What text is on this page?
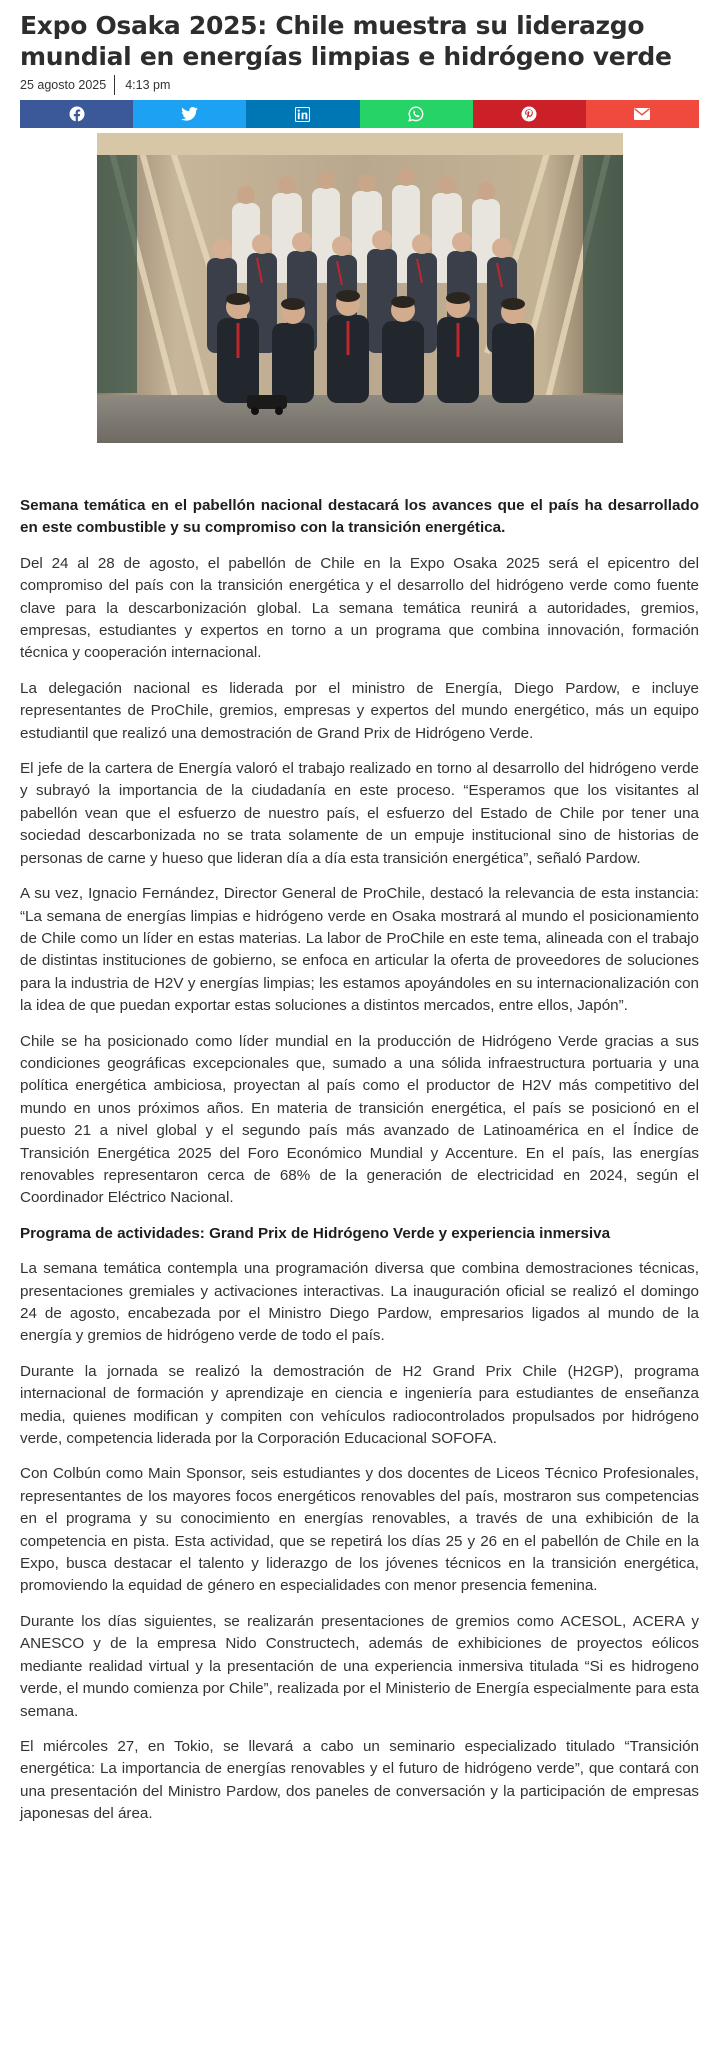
Expo Osaka 2025: Chile muestra su liderazgo mundial en energías limpias e hidrógeno verde
25 agosto 2025 4:13 pm

Semana temática en el pabellón nacional destacará los avances que el país ha desarrollado en este combustible y su compromiso con la transición energética.

Del 24 al 28 de agosto, el pabellón de Chile en la Expo Osaka 2025 será el epicentro del compromiso del país con la transición energética y el desarrollo del hidrógeno verde como fuente clave para la descarbonización global. La semana temática reunirá a autoridades, gremios, empresas, estudiantes y expertos en torno a un programa que combina innovación, formación técnica y cooperación internacional.

La delegación nacional es liderada por el ministro de Energía, Diego Pardow, e incluye representantes de ProChile, gremios, empresas y expertos del mundo energético, más un equipo estudiantil que realizó una demostración de Grand Prix de Hidrógeno Verde.

El jefe de la cartera de Energía valoró el trabajo realizado en torno al desarrollo del hidrógeno verde y subrayó la importancia de la ciudadanía en este proceso. “Esperamos que los visitantes al pabellón vean que el esfuerzo de nuestro país, el esfuerzo del Estado de Chile por tener una sociedad descarbonizada no se trata solamente de un empuje institucional sino de historias de personas de carne y hueso que lideran día a día esta transición energética”, señaló Pardow.

A su vez, Ignacio Fernández, Director General de ProChile, destacó la relevancia de esta instancia: “La semana de energías limpias e hidrógeno verde en Osaka mostrará al mundo el posicionamiento de Chile como un líder en estas materias. La labor de ProChile en este tema, alineada con el trabajo de distintas instituciones de gobierno, se enfoca en articular la oferta de proveedores de soluciones para la industria de H2V y energías limpias; les estamos apoyándoles en su internacionalización con la idea de que puedan exportar estas soluciones a distintos mercados, entre ellos, Japón”.

Chile se ha posicionado como líder mundial en la producción de Hidrógeno Verde gracias a sus condiciones geográficas excepcionales que, sumado a una sólida infraestructura portuaria y una política energética ambiciosa, proyectan al país como el productor de H2V más competitivo del mundo en unos próximos años. En materia de transición energética, el país se posicionó en el puesto 21 a nivel global y el segundo país más avanzado de Latinoamérica en el Índice de Transición Energética 2025 del Foro Económico Mundial y Accenture. En el país, las energías renovables representaron cerca de 68% de la generación de electricidad en 2024, según el Coordinador Eléctrico Nacional.

Programa de actividades: Grand Prix de Hidrógeno Verde y experiencia inmersiva

La semana temática contempla una programación diversa que combina demostraciones técnicas, presentaciones gremiales y activaciones interactivas. La inauguración oficial se realizó el domingo 24 de agosto, encabezada por el Ministro Diego Pardow, empresarios ligados al mundo de la energía y gremios de hidrógeno verde de todo el país.

Durante la jornada se realizó la demostración de H2 Grand Prix Chile (H2GP), programa internacional de formación y aprendizaje en ciencia e ingeniería para estudiantes de enseñanza media, quienes modifican y compiten con vehículos radiocontrolados propulsados por hidrógeno verde, competencia liderada por la Corporación Educacional SOFOFA.

Con Colbún como Main Sponsor, seis estudiantes y dos docentes de Liceos Técnico Profesionales, representantes de los mayores focos energéticos renovables del país, mostraron sus competencias en el programa y su conocimiento en energías renovables, a través de una exhibición de la competencia en pista. Esta actividad, que se repetirá los días 25 y 26 en el pabellón de Chile en la Expo, busca destacar el talento y liderazgo de los jóvenes técnicos en la transición energética, promoviendo la equidad de género en especialidades con menor presencia femenina.

Durante los días siguientes, se realizarán presentaciones de gremios como ACESOL, ACERA y ANESCO y de la empresa Nido Constructech, además de exhibiciones de proyectos eólicos mediante realidad virtual y la presentación de una experiencia inmersiva titulada “Si es hidrogeno verde, el mundo comienza por Chile”, realizada por el Ministerio de Energía especialmente para esta semana.

El miércoles 27, en Tokio, se llevará a cabo un seminario especializado titulado “Transición energética: La importancia de energías renovables y el futuro de hidrógeno verde”, que contará con una presentación del Ministro Pardow, dos paneles de conversación y la participación de empresas japonesas del área.
